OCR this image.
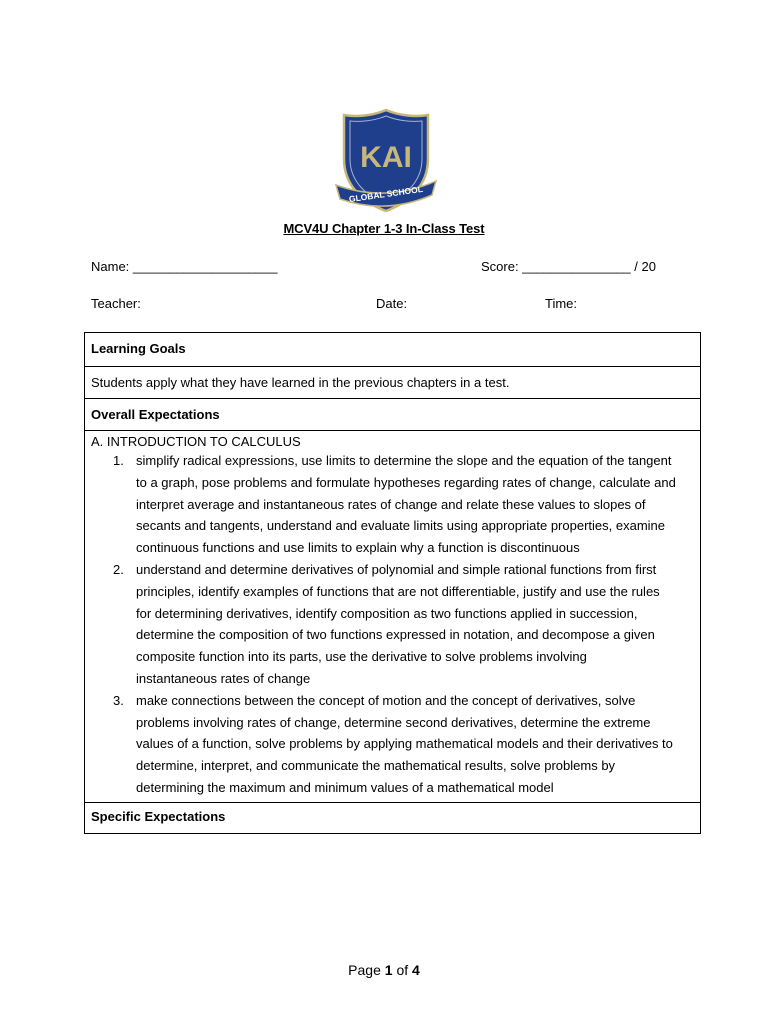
KAI
GLOBAL SCHOOL
MCV4U Chapter 1-3 In-Class Test
Name: ____________________	Score: _______________ / 20
Teacher:	Date:	Time:
Learning Goals
Students apply what they have learned in the previous chapters in a test.
Overall Expectations
A. INTRODUCTION TO CALCULUS
1. simplify radical expressions, use limits to determine the slope and the equation of the tangent
to a graph, pose problems and formulate hypotheses regarding rates of change, calculate and
interpret average and instantaneous rates of change and relate these values to slopes of
secants and tangents, understand and evaluate limits using appropriate properties, examine
continuous functions and use limits to explain why a function is discontinuous
2. understand and determine derivatives of polynomial and simple rational functions from first
principles, identify examples of functions that are not differentiable, justify and use the rules
for determining derivatives, identify composition as two functions applied in succession,
determine the composition of two functions expressed in notation, and decompose a given
composite function into its parts, use the derivative to solve problems involving
instantaneous rates of change
3. make connections between the concept of motion and the concept of derivatives, solve
problems involving rates of change, determine second derivatives, determine the extreme
values of a function, solve problems by applying mathematical models and their derivatives to
determine, interpret, and communicate the mathematical results, solve problems by
determining the maximum and minimum values of a mathematical model
Specific Expectations
Page 1 of 4
